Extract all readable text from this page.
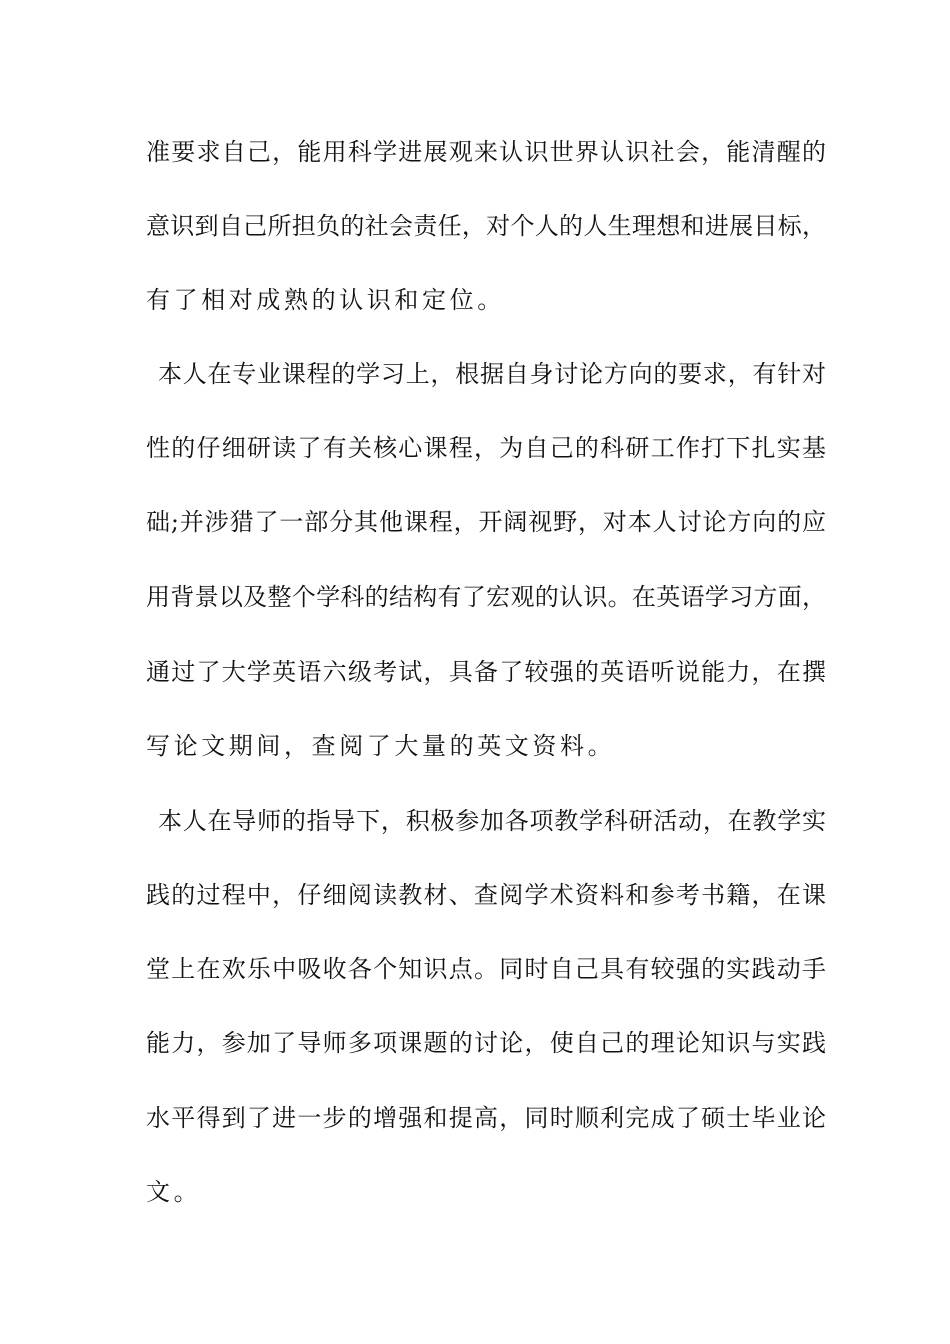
准要求自己，能用科学进展观来认识世界认识社会，能清醒的
意识到自己所担负的社会责任，对个人的人生理想和进展目标，
有了相对成熟的认识和定位。
本人在专业课程的学习上，根据自身讨论方向的要求，有针对
性的仔细研读了有关核心课程，为自己的科研工作打下扎实基
础;并涉猎了一部分其他课程，开阔视野，对本人讨论方向的应
用背景以及整个学科的结构有了宏观的认识。在英语学习方面，
通过了大学英语六级考试，具备了较强的英语听说能力，在撰
写论文期间，查阅了大量的英文资料。
本人在导师的指导下，积极参加各项教学科研活动，在教学实
践的过程中，仔细阅读教材、查阅学术资料和参考书籍，在课
堂上在欢乐中吸收各个知识点。同时自己具有较强的实践动手
能力，参加了导师多项课题的讨论，使自己的理论知识与实践
水平得到了进一步的增强和提高，同时顺利完成了硕士毕业论
文。
